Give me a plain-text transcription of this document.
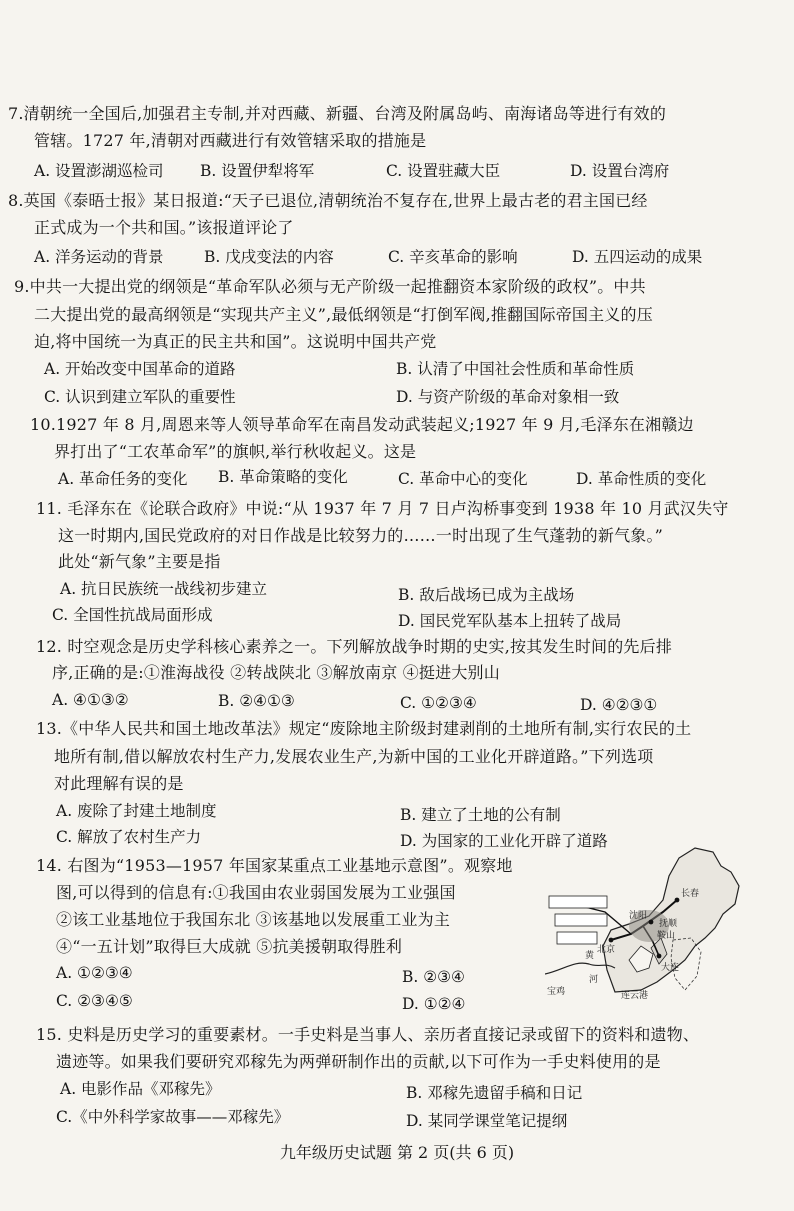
7.清朝统一全国后,加强君主专制,并对西藏、新疆、台湾及附属岛屿、南海诸岛等进行有效的
管辖。1727 年,清朝对西藏进行有效管辖采取的措施是
A. 设置澎湖巡检司 B. 设置伊犁将军	C. 设置驻藏大臣	D. 设置台湾府
8.英国《泰晤士报》某日报道:“天子已退位,清朝统治不复存在,世界上最古老的君主国已经
正式成为一个共和国。”该报道评论了
A. 洋务运动的背景	B. 戊戌变法的内容	C. 辛亥革命的影响	D. 五四运动的成果
9.中共一大提出党的纲领是“革命军队必须与无产阶级一起推翻资本家阶级的政权”。中共
二大提出党的最高纲领是“实现共产主义”,最低纲领是“打倒军阀,推翻国际帝国主义的压
迫,将中国统一为真正的民主共和国”。这说明中国共产党
A. 开始改变中国革命的道路	B. 认清了中国社会性质和革命性质
C. 认识到建立军队的重要性	D. 与资产阶级的革命对象相一致
10.1927 年 8 月,周恩来等人领导革命军在南昌发动武装起义;1927 年 9 月,毛泽东在湘赣边
界打出了“工农革命军”的旗帜,举行秋收起义。这是
A. 革命任务的变化 B. 革命策略的变化	C. 革命中心的变化	D. 革命性质的变化
11. 毛泽东在《论联合政府》中说:“从 1937 年 7 月 7 日卢沟桥事变到 1938 年 10 月武汉失守
这一时期内,国民党政府的对日作战是比较努力的……一时出现了生气蓬勃的新气象。”
此处“新气象”主要是指
A. 抗日民族统一战线初步建立	B. 敌后战场已成为主战场
C. 全国性抗战局面形成	D. 国民党军队基本上扭转了战局
12. 时空观念是历史学科核心素养之一。下列解放战争时期的史实,按其发生时间的先后排
序,正确的是:①淮海战役 ②转战陕北 ③解放南京 ④挺进大别山
A. ④①③②	B. ②④①③	C. ①②③④	D. ④②③①
13.《中华人民共和国土地改革法》规定“废除地主阶级封建剥削的土地所有制,实行农民的土
地所有制,借以解放农村生产力,发展农业生产,为新中国的工业化开辟道路。”下列选项
对此理解有误的是
A. 废除了封建土地制度	B. 建立了土地的公有制
C. 解放了农村生产力	D. 为国家的工业化开辟了道路
14. 右图为“1953—1957 年国家某重点工业基地示意图”。观察地
图,可以得到的信息有:①我国由农业弱国发展为工业强国
②该工业基地位于我国东北 ③该基地以发展重工业为主
④“一五计划”取得巨大成就 ⑤抗美援朝取得胜利
A. ①②③④	B. ②③④
C. ②③④⑤	D. ①②④
长春
沈阳
北京
大连
抚顺
鞍山
黄
河
宝鸡	连云港
15. 史料是历史学习的重要素材。一手史料是当事人、亲历者直接记录或留下的资料和遗物、
遗迹等。如果我们要研究邓稼先为两弹研制作出的贡献,以下可作为一手史料使用的是
A. 电影作品《邓稼先》	B. 邓稼先遗留手稿和日记
C.《中外科学家故事——邓稼先》	D. 某同学课堂笔记提纲
九年级历史试题 第 2 页(共 6 页)
